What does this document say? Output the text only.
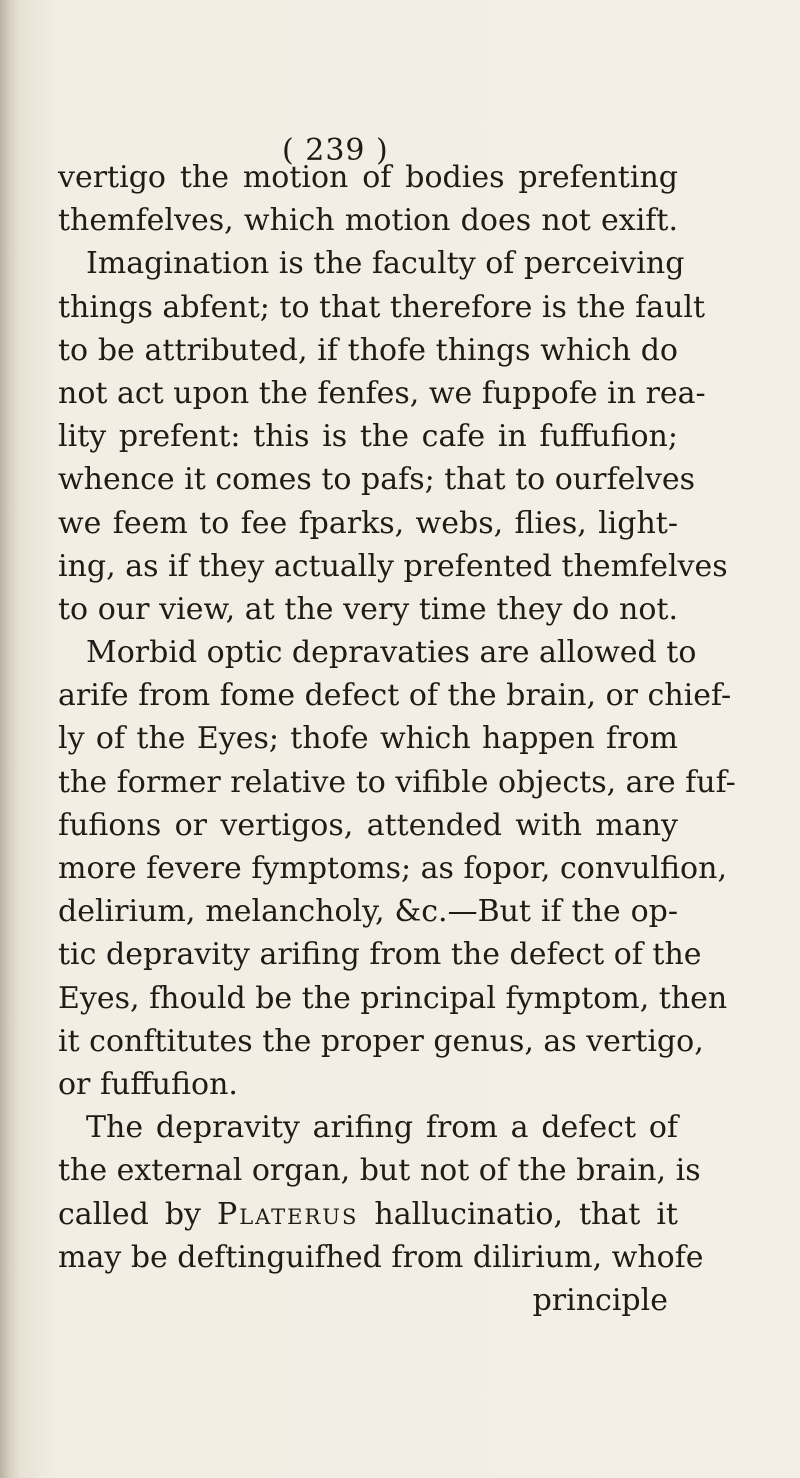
( 239 )
vertigo the motion of bodies prefenting
themfelves, which motion does not exift.
Imagination is the faculty of perceiving
things abfent; to that therefore is the fault
to be attributed, if thofe things which do
not act upon the fenfes, we fuppofe in rea-
lity prefent: this is the cafe in fuffufion;
whence it comes to pafs; that to ourfelves
we feem to fee fparks, webs, flies, light-
ing, as if they actually prefented themfelves
to our view, at the very time they do not.
Morbid optic depravaties are allowed to
arife from fome defect of the brain, or chief-
ly of the Eyes; thofe which happen from
the former relative to vifible objects, are fuf-
fufions or vertigos, attended with many
more fevere fymptoms; as fopor, convulfion,
delirium, melancholy, &c.—But if the op-
tic depravity arifing from the defect of the
Eyes, fhould be the principal fymptom, then
it conftitutes the proper genus, as vertigo,
or fuffufion.
The depravity arifing from a defect of
the external organ, but not of the brain, is
called by Platerus hallucinatio, that it
may be deftinguifhed from dilirium, whofe
principle
